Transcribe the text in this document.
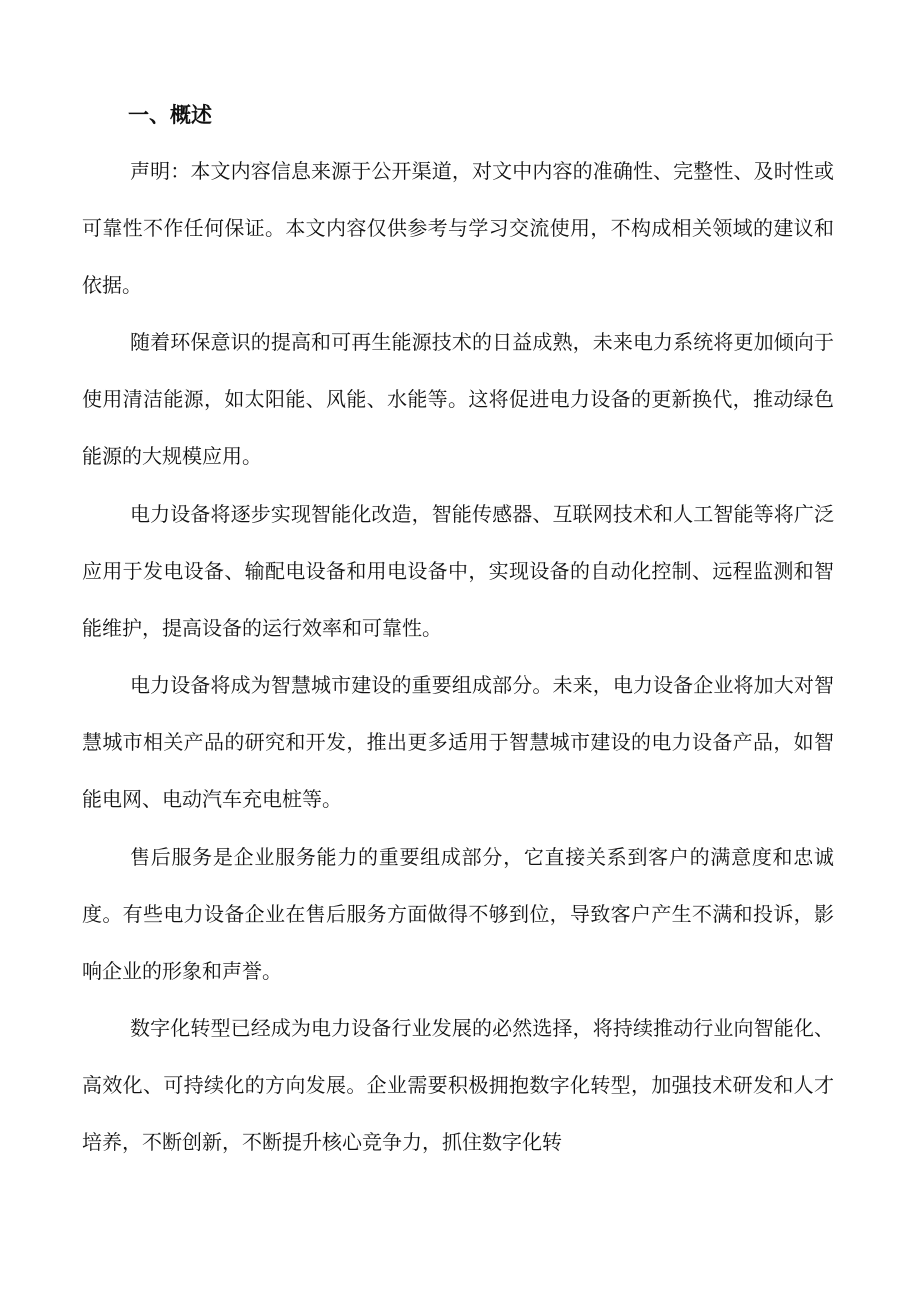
一、概述

声明：本文内容信息来源于公开渠道，对文中内容的准确性、完整性、及时性或可靠性不作任何保证。本文内容仅供参考与学习交流使用，不构成相关领域的建议和依据。

随着环保意识的提高和可再生能源技术的日益成熟，未来电力系统将更加倾向于使用清洁能源，如太阳能、风能、水能等。这将促进电力设备的更新换代，推动绿色能源的大规模应用。

电力设备将逐步实现智能化改造，智能传感器、互联网技术和人工智能等将广泛应用于发电设备、输配电设备和用电设备中，实现设备的自动化控制、远程监测和智能维护，提高设备的运行效率和可靠性。

电力设备将成为智慧城市建设的重要组成部分。未来，电力设备企业将加大对智慧城市相关产品的研究和开发，推出更多适用于智慧城市建设的电力设备产品，如智能电网、电动汽车充电桩等。

售后服务是企业服务能力的重要组成部分，它直接关系到客户的满意度和忠诚度。有些电力设备企业在售后服务方面做得不够到位，导致客户产生不满和投诉，影响企业的形象和声誉。

数字化转型已经成为电力设备行业发展的必然选择，将持续推动行业向智能化、高效化、可持续化的方向发展。企业需要积极拥抱数字化转型，加强技术研发和人才培养，不断创新，不断提升核心竞争力，抓住数字化转
